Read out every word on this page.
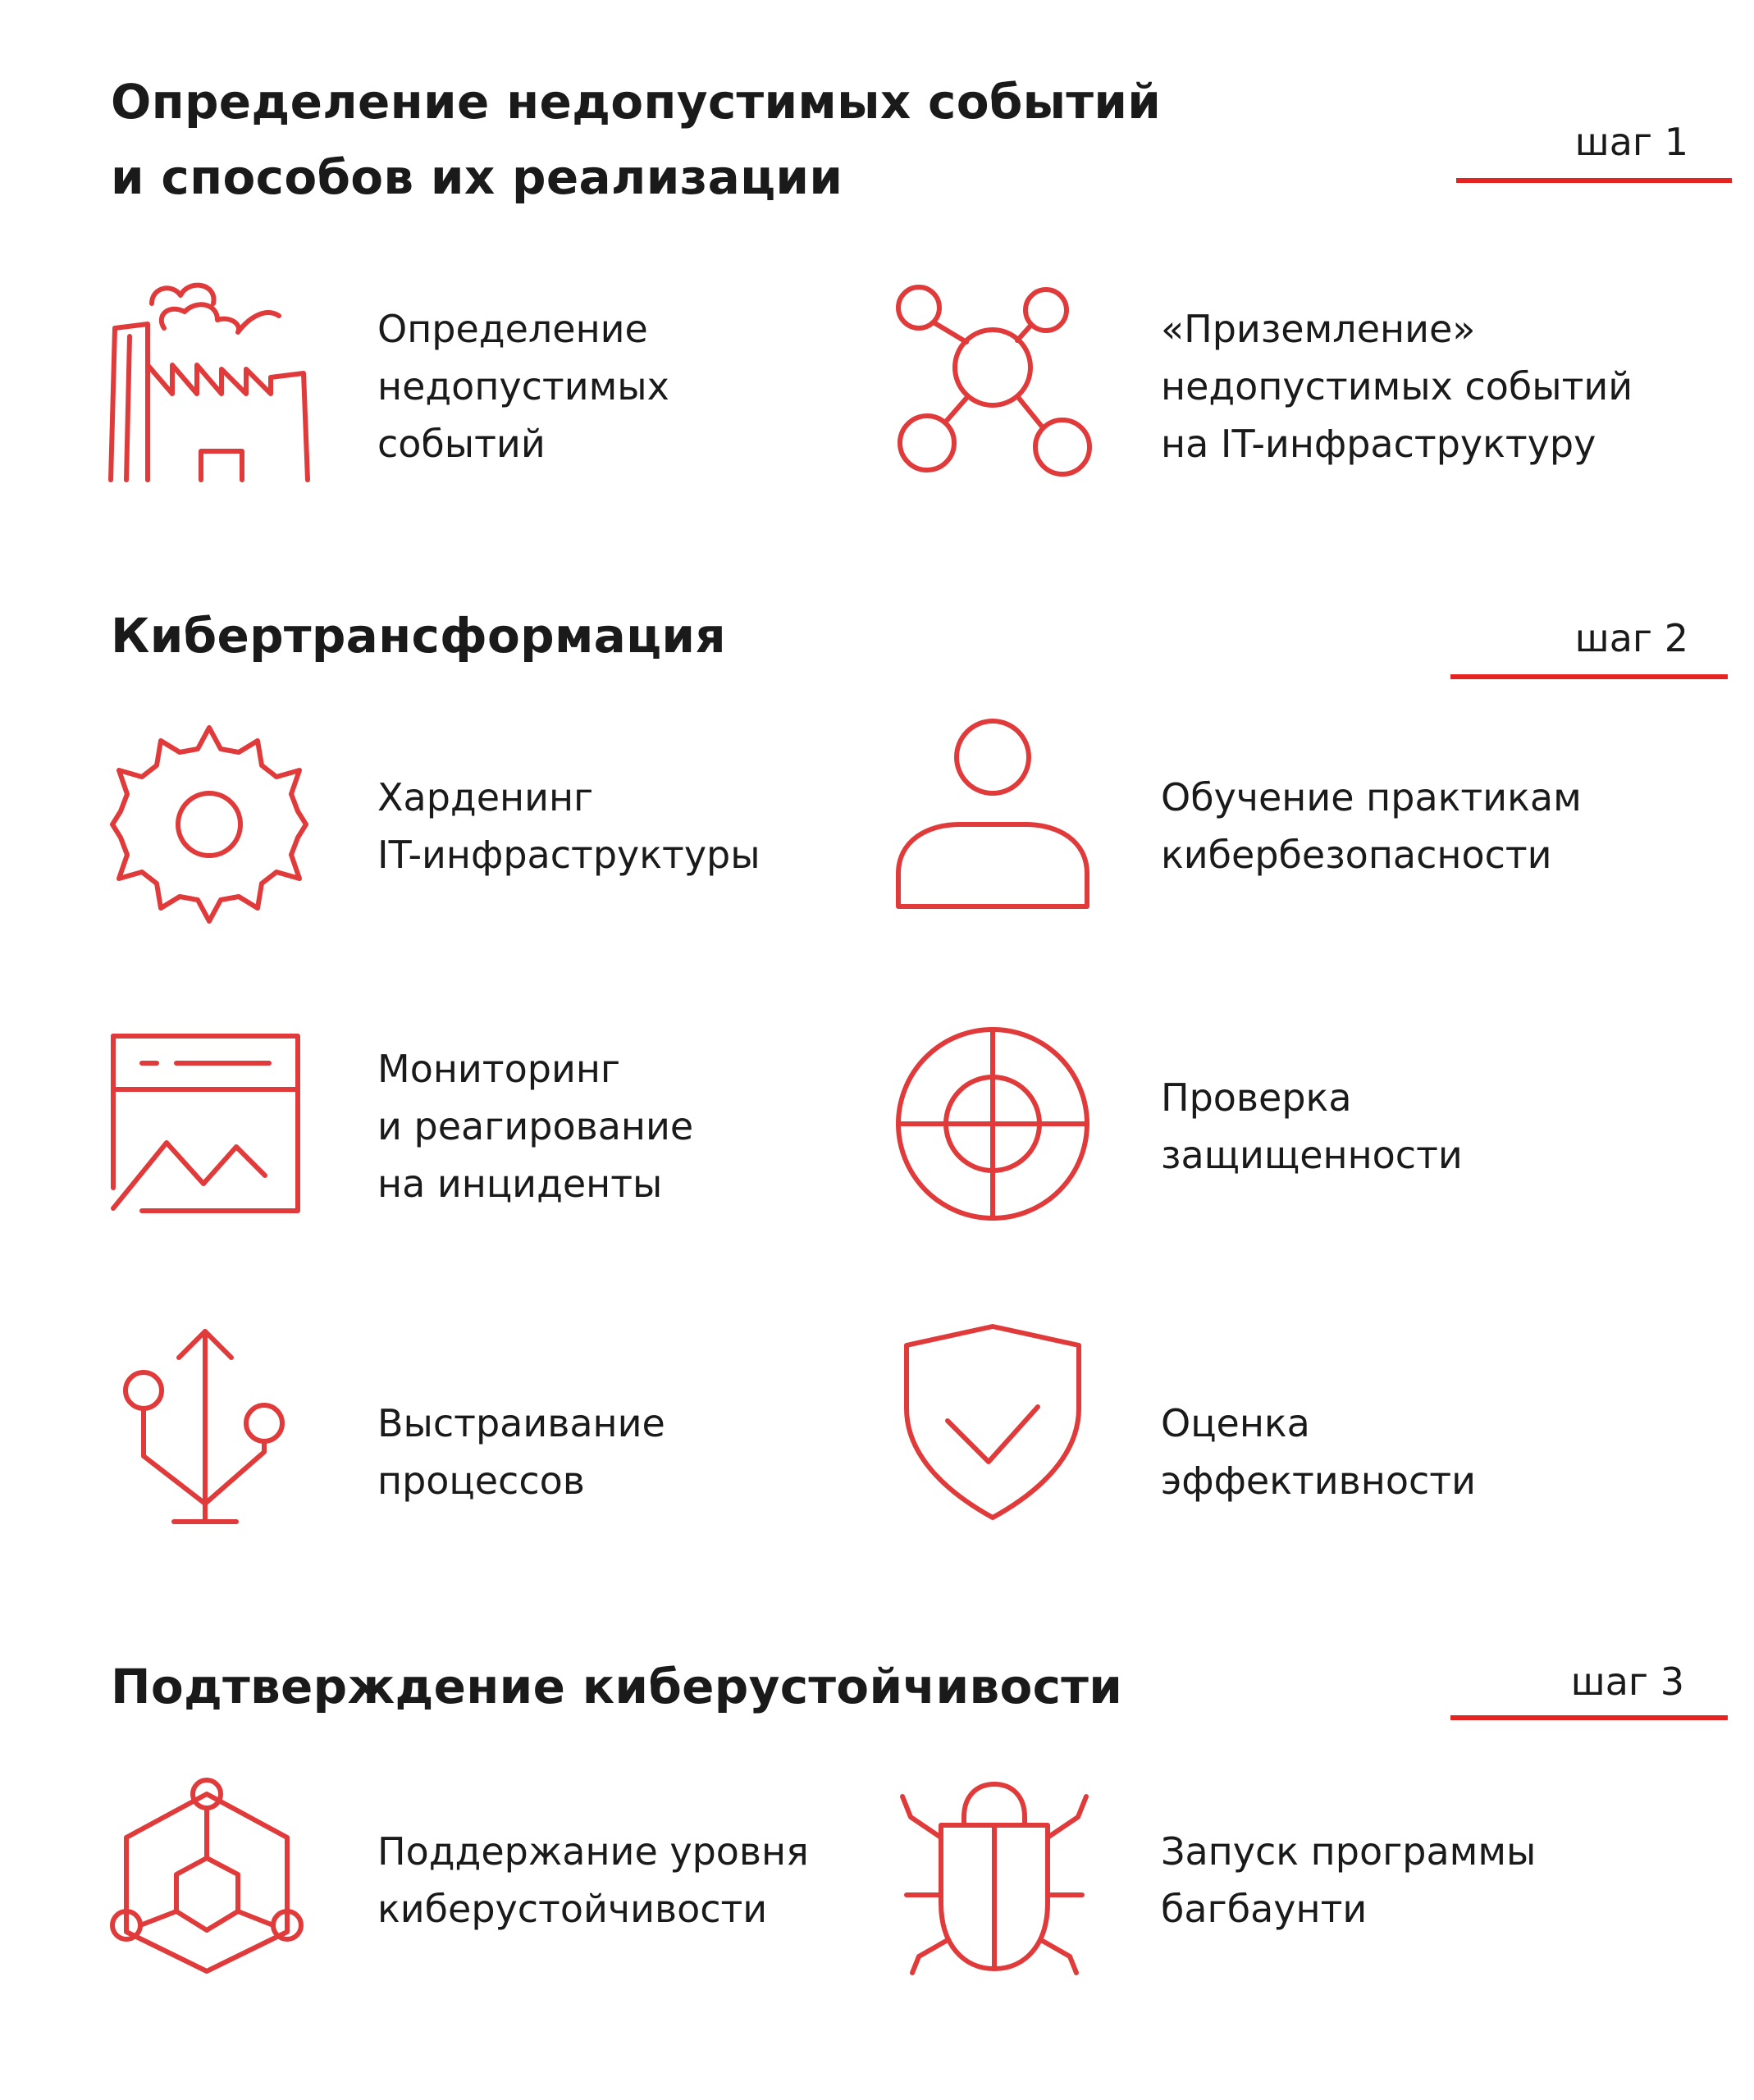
Определение недопустимых событий
и способов их реализации
шаг 1

Определение
недопустимых
событий

«Приземление»
недопустимых событий
на IT-инфраструктуру

Кибертрансформация	шаг 2

Харденинг
IT-инфраструктуры

Обучение практикам
кибербезопасности

Мониторинг
и реагирование
на инциденты

Проверка
защищенности

Выстраивание
процессов

Оценка
эффективности

Подтверждение киберустойчивости	шаг 3

Поддержание уровня
киберустойчивости

Запуск программы
багбаунти
